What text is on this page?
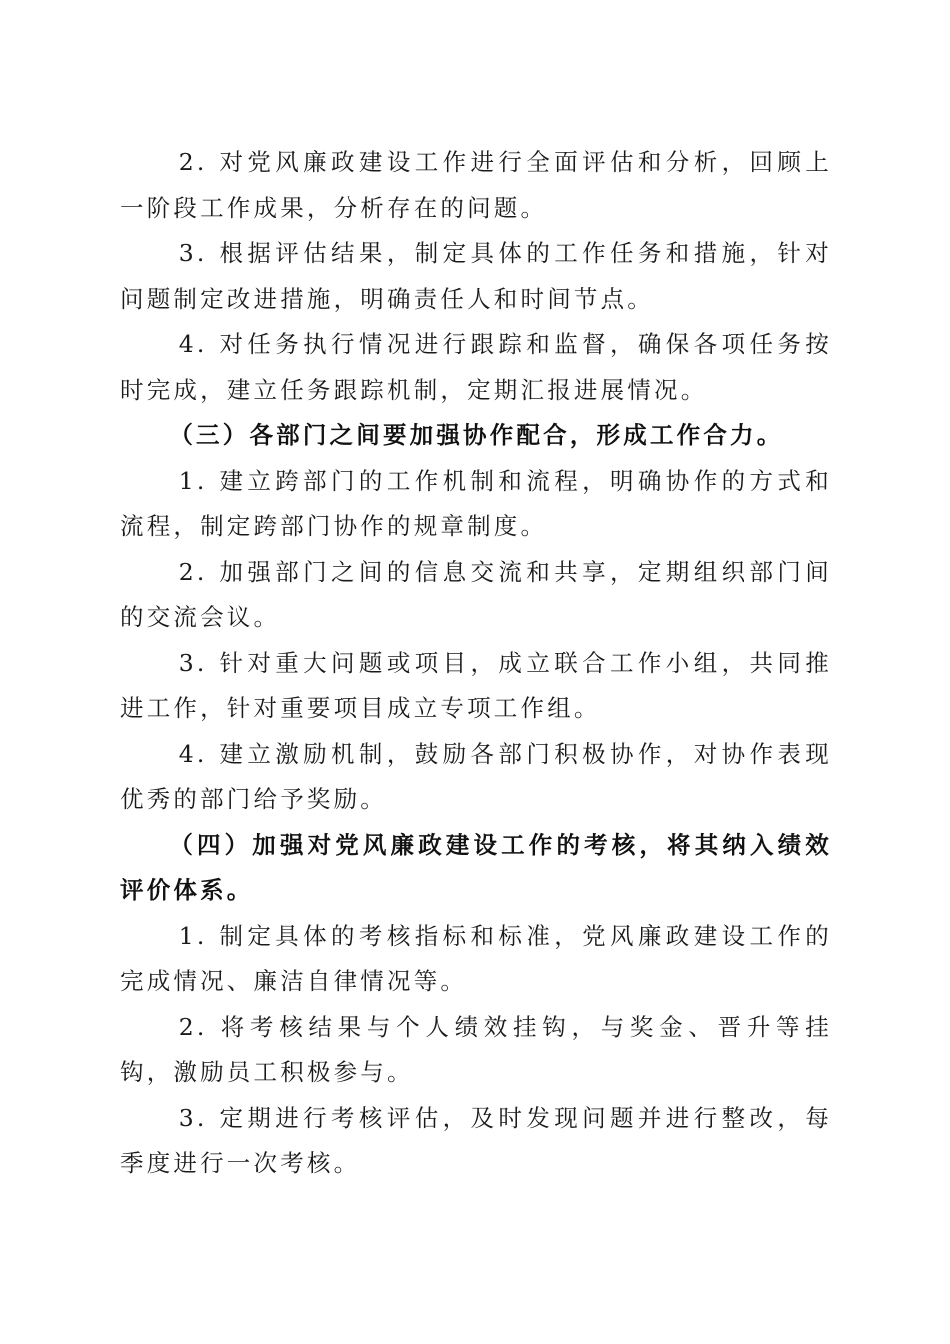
2. 对党风廉政建设工作进行全面评估和分析，回顾上一阶段工作成果，分析存在的问题。

3. 根据评估结果，制定具体的工作任务和措施，针对问题制定改进措施，明确责任人和时间节点。

4. 对任务执行情况进行跟踪和监督，确保各项任务按时完成，建立任务跟踪机制，定期汇报进展情况。

（三）各部门之间要加强协作配合，形成工作合力。

1. 建立跨部门的工作机制和流程，明确协作的方式和流程，制定跨部门协作的规章制度。

2. 加强部门之间的信息交流和共享，定期组织部门间的交流会议。

3. 针对重大问题或项目，成立联合工作小组，共同推进工作，针对重要项目成立专项工作组。

4. 建立激励机制，鼓励各部门积极协作，对协作表现优秀的部门给予奖励。

（四）加强对党风廉政建设工作的考核，将其纳入绩效评价体系。

1. 制定具体的考核指标和标准，党风廉政建设工作的完成情况、廉洁自律情况等。

2. 将考核结果与个人绩效挂钩，与奖金、晋升等挂钩，激励员工积极参与。

3. 定期进行考核评估，及时发现问题并进行整改，每季度进行一次考核。
